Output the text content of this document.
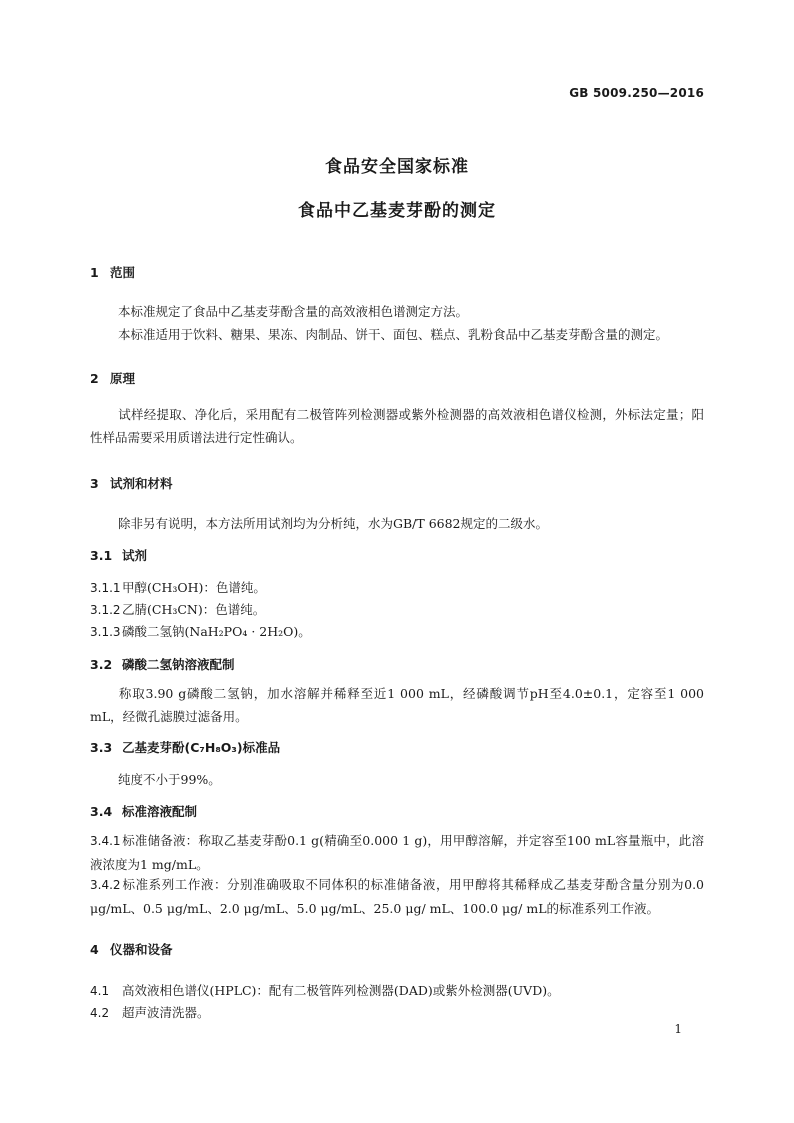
GB 5009.250—2016
食品安全国家标准
食品中乙基麦芽酚的测定
1 范围
本标准规定了食品中乙基麦芽酚含量的高效液相色谱测定方法。
本标准适用于饮料、糖果、果冻、肉制品、饼干、面包、糕点、乳粉食品中乙基麦芽酚含量的测定。
2 原理
试样经提取、净化后，采用配有二极管阵列检测器或紫外检测器的高效液相色谱仪检测，外标法定量；阳性样品需要采用质谱法进行定性确认。
3 试剂和材料
除非另有说明，本方法所用试剂均为分析纯，水为GB/T 6682规定的二级水。
3.1 试剂
3.1.1甲醇(CH₃OH)：色谱纯。
3.1.2乙腈(CH₃CN)：色谱纯。
3.1.3磷酸二氢钠(NaH₂PO₄ · 2H₂O)。
3.2 磷酸二氢钠溶液配制
称取3.90 g磷酸二氢钠，加水溶解并稀释至近1 000 mL，经磷酸调节pH至4.0±0.1，定容至1 000 mL，经微孔滤膜过滤备用。
3.3 乙基麦芽酚(C₇H₈O₃)标准品
纯度不小于99%。
3.4 标准溶液配制
3.4.1标准储备液：称取乙基麦芽酚0.1 g(精确至0.000 1 g)，用甲醇溶解，并定容至100 mL容量瓶中，此溶液浓度为1 mg/mL。
3.4.2标准系列工作液：分别准确吸取不同体积的标准储备液，用甲醇将其稀释成乙基麦芽酚含量分别为0.0 μg/mL、0.5 μg/mL、2.0 μg/mL、5.0 μg/mL、25.0 μg/ mL、100.0 μg/ mL的标准系列工作液。
4 仪器和设备
4.1 高效液相色谱仪(HPLC)：配有二极管阵列检测器(DAD)或紫外检测器(UVD)。
4.2 超声波清洗器。
1
